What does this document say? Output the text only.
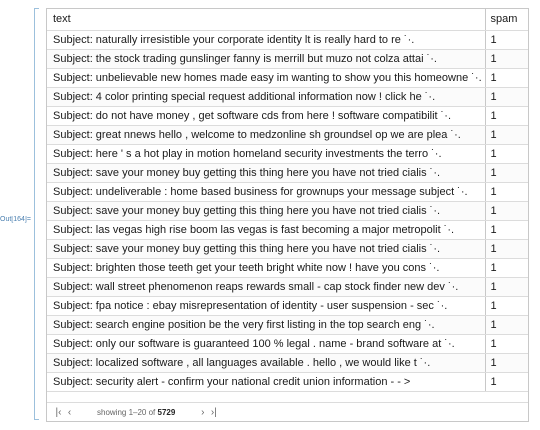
Out[164]=
text	spam
Subject: naturally irresistible your corporate identity lt is really hard to re ˙·.	1
Subject: the stock trading gunslinger fanny is merrill but muzo not colza attai ˙·.	1
Subject: unbelievable new homes made easy im wanting to show you this homeowne ˙·.	1
Subject: 4 color printing special request additional information now ! click he ˙·.	1
Subject: do not have money , get software cds from here ! software compatibilit ˙·.	1
Subject: great nnews hello , welcome to medzonline sh groundsel op we are plea ˙·.	1
Subject: here ' s a hot play in motion homeland security investments the terro ˙·.	1
Subject: save your money buy getting this thing here you have not tried cialis ˙·.	1
Subject: undeliverable : home based business for grownups your message subject ˙·.	1
Subject: save your money buy getting this thing here you have not tried cialis ˙·.	1
Subject: las vegas high rise boom las vegas is fast becoming a major metropolit ˙·.	1
Subject: save your money buy getting this thing here you have not tried cialis ˙·.	1
Subject: brighten those teeth get your teeth bright white now ! have you cons ˙·.	1
Subject: wall street phenomenon reaps rewards small - cap stock finder new dev ˙·.	1
Subject: fpa notice : ebay misrepresentation of identity - user suspension - sec ˙·.	1
Subject: search engine position be the very first listing in the top search eng ˙·.	1
Subject: only our software is guaranteed 100 % legal . name - brand software at ˙·.	1
Subject: localized software , all languages available . hello , we would like t ˙·.	1
Subject: security alert - confirm your national credit union information - - >	1
|‹ ‹	showing 1–20 of 5729	› ›|
